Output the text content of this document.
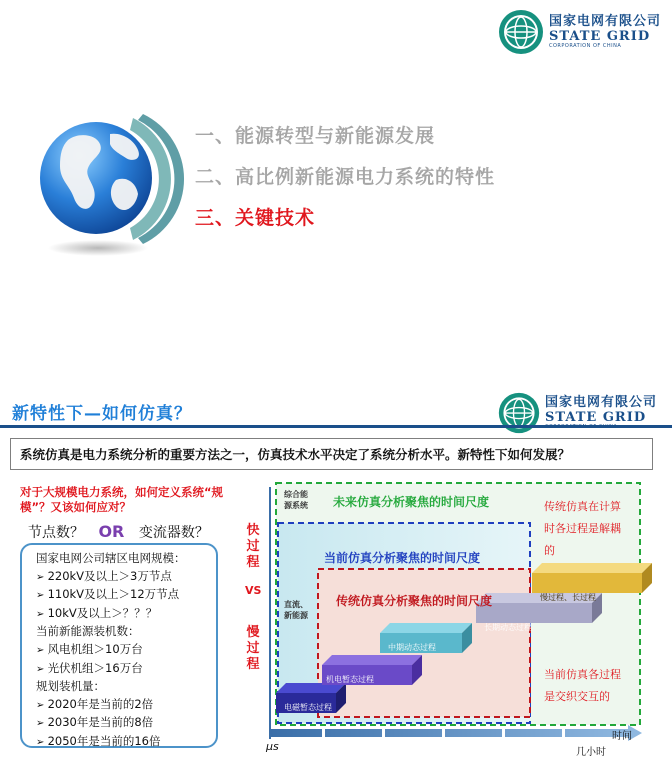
国家电网有限公司
STATE GRID
CORPORATION OF CHINA
一、能源转型与新能源发展
二、高比例新能源电力系统的特性
三、关键技术
新特性下—如何仿真？
国家电网有限公司
STATE GRID
系统仿真是电力系统分析的重要方法之一，仿真技术水平决定了系统分析水平。新特性下如何发展？
对于大规模电力系统，如何定义系统“规模”？又该如何应对？
节点数？ OR 变流器数？
国家电网公司辖区电网规模：
➢ 220kV及以上＞3万节点
➢ 110kV及以上＞12万节点
➢ 10kV及以上＞？？？
当前新能源装机数：
➢ 风电机组＞10万台
➢ 光伏机组＞16万台
规划装机量：
➢ 2020年是当前的2倍
➢ 2030年是当前的8倍
➢ 2050年是当前的16倍
快过程
VS
慢过程
未来仿真分析聚焦的时间尺度
当前仿真分析聚焦的时间尺度
传统仿真分析聚焦的时间尺度
综合能源系统
直流、新能源
传统仿真在计算时各过程是解耦的
当前仿真各过程是交织交互的
电磁暂态过程
机电暂态过程
中期动态过程
长期动态过程
慢过程、长过程
μs	几小时
时间
